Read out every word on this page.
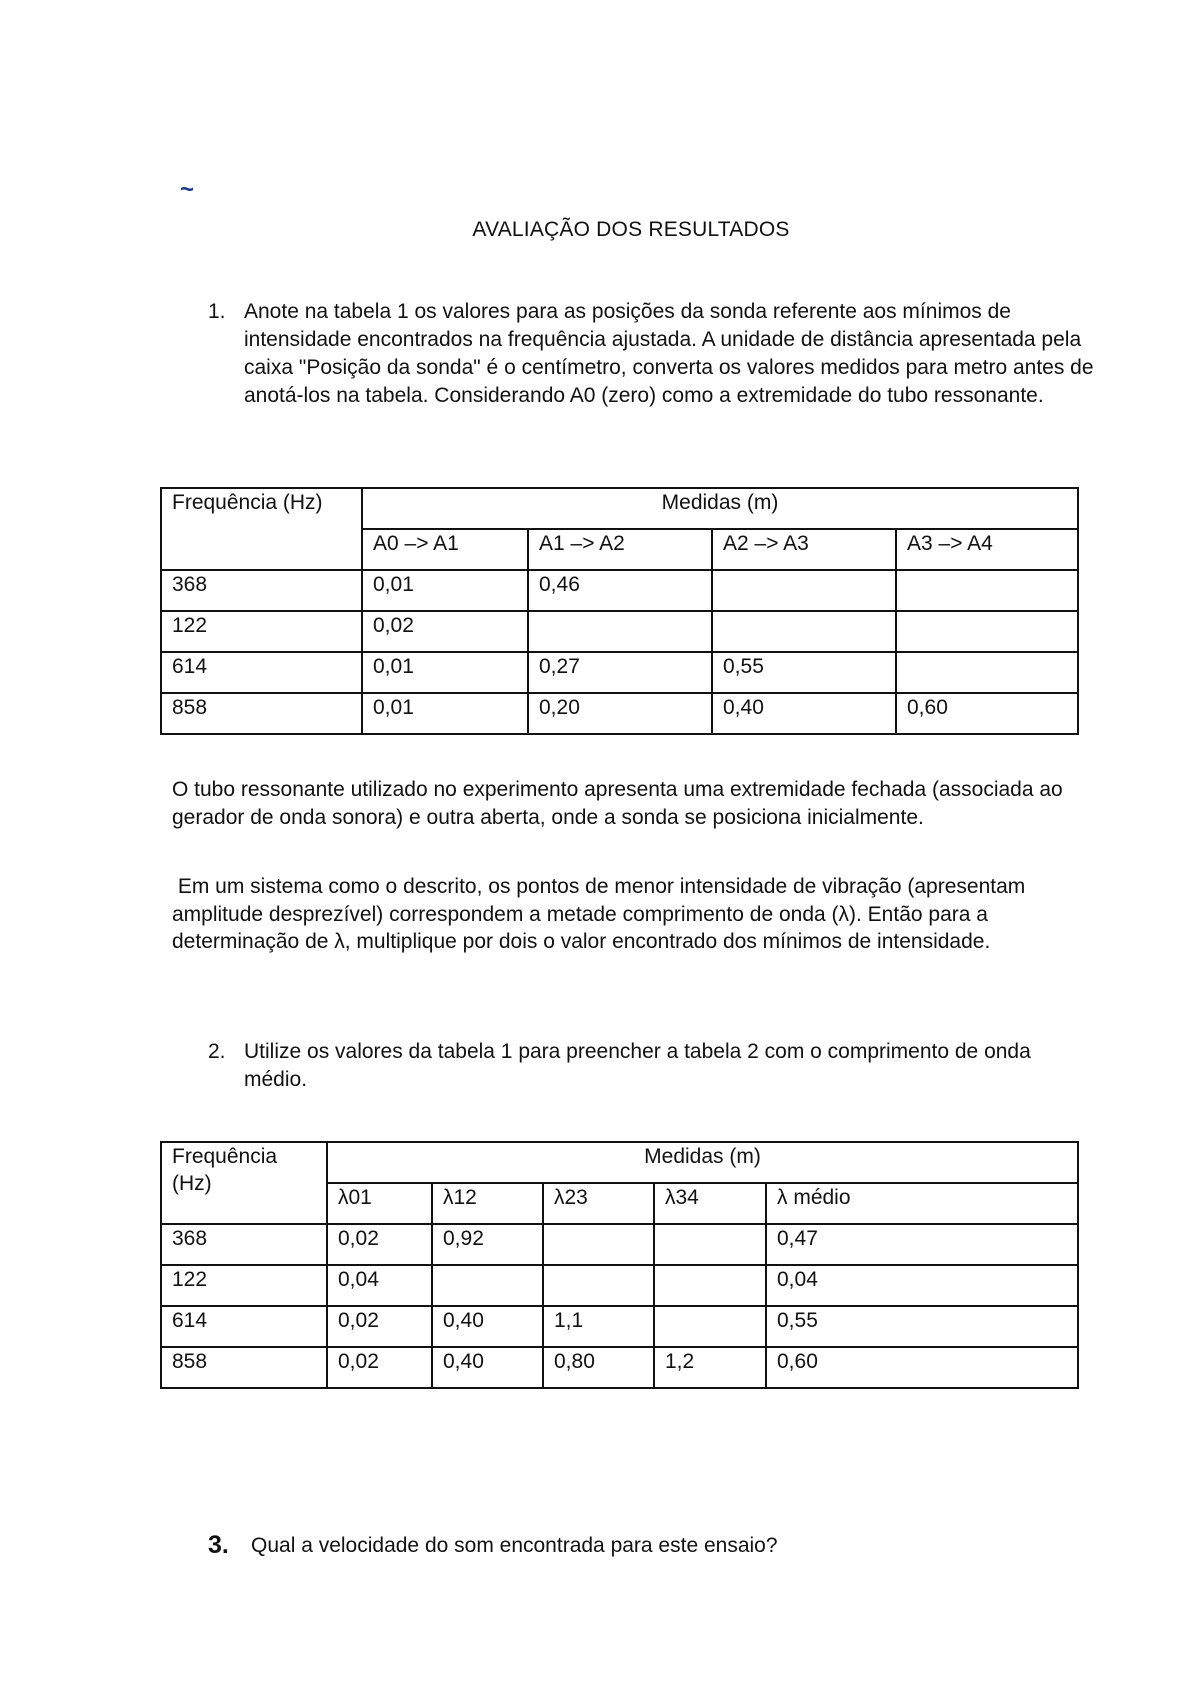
~
AVALIAÇÃO DOS RESULTADOS
1. Anote na tabela 1 os valores para as posições da sonda referente aos mínimos de intensidade encontrados na frequência ajustada. A unidade de distância apresentada pela caixa "Posição da sonda" é o centímetro, converta os valores medidos para metro antes de anotá-los na tabela. Considerando A0 (zero) como a extremidade do tubo ressonante.
Frequência (Hz)	Medidas (m)			
	A0 –> A1	A1 –> A2	A2 –> A3	A3 –> A4
368	0,01	0,46		
122	0,02			
614	0,01	0,27	0,55	
858	0,01	0,20	0,40	0,60

O tubo ressonante utilizado no experimento apresenta uma extremidade fechada (associada ao gerador de onda sonora) e outra aberta, onde a sonda se posiciona inicialmente.

Em um sistema como o descrito, os pontos de menor intensidade de vibração (apresentam amplitude desprezível) correspondem a metade comprimento de onda (λ). Então para a determinação de λ, multiplique por dois o valor encontrado dos mínimos de intensidade.

2. Utilize os valores da tabela 1 para preencher a tabela 2 com o comprimento de onda médio.
Frequência (Hz)	Medidas (m)				
	λ01	λ12	λ23	λ34	λ médio
368	0,02	0,92			0,47
122	0,04				0,04
614	0,02	0,40	1,1		0,55
858	0,02	0,40	0,80	1,2	0,60
3. Qual a velocidade do som encontrada para este ensaio?
